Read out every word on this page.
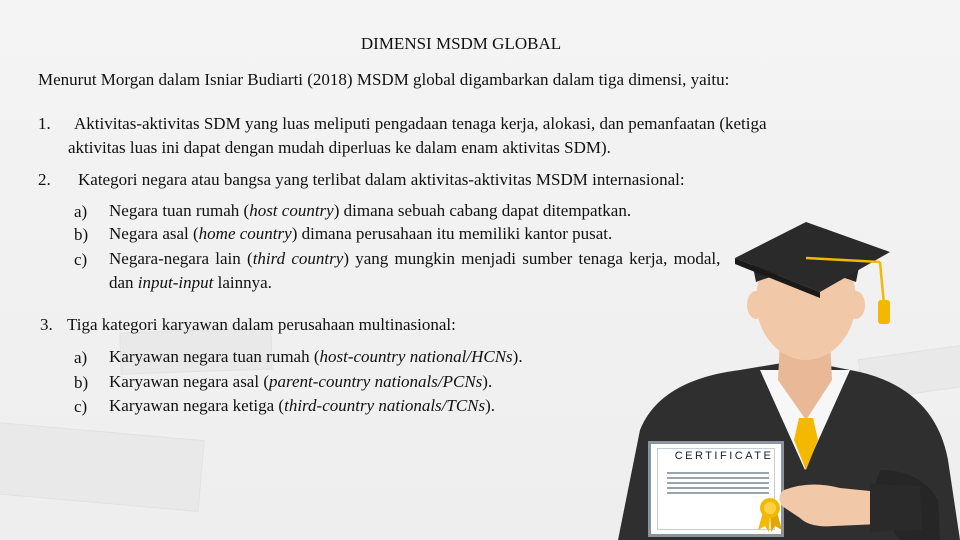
DIMENSI MSDM GLOBAL
Menurut Morgan dalam Isniar Budiarti (2018) MSDM global digambarkan dalam tiga dimensi, yaitu:
1. Aktivitas-aktivitas SDM yang luas meliputi pengadaan tenaga kerja, alokasi, dan pemanfaatan (ketiga
aktivitas luas ini dapat dengan mudah diperluas ke dalam enam aktivitas SDM).
2. Kategori negara atau bangsa yang terlibat dalam aktivitas-aktivitas MSDM internasional:
a) Negara tuan rumah (host country) dimana sebuah cabang dapat ditempatkan.
b) Negara asal (home country) dimana perusahaan itu memiliki kantor pusat.
c) Negara-negara lain (third country) yang mungkin menjadi sumber tenaga kerja, modal,
dan input-input lainnya.
3. Tiga kategori karyawan dalam perusahaan multinasional:
a) Karyawan negara tuan rumah (host-country national/HCNs).
b) Karyawan negara asal (parent-country nationals/PCNs).
c) Karyawan negara ketiga (third-country nationals/TCNs).
CERTIFICATE
